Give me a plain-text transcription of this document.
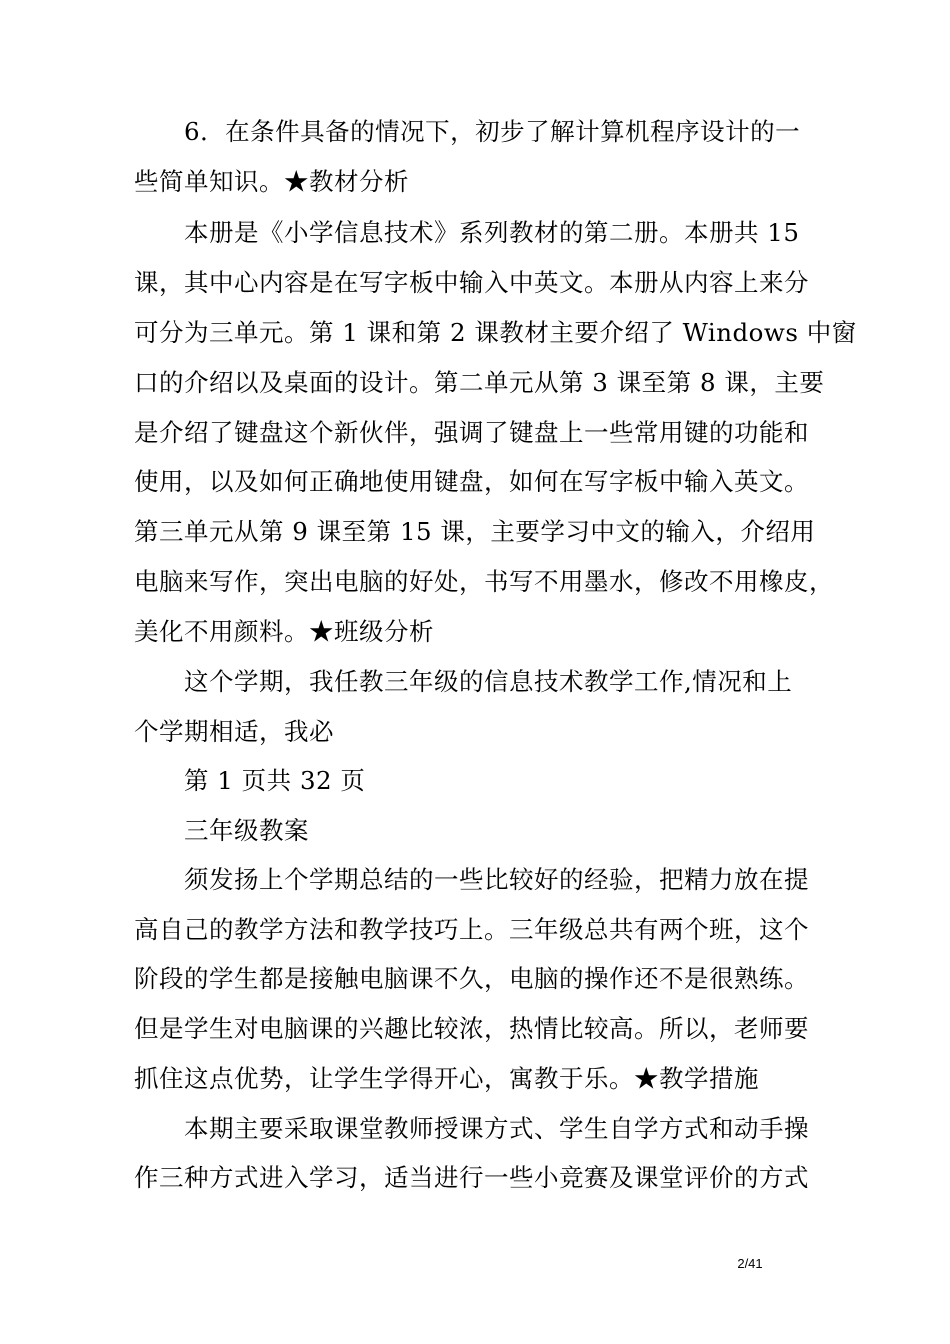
6．在条件具备的情况下，初步了解计算机程序设计的一
些简单知识。★教材分析
本册是《小学信息技术》系列教材的第二册。本册共 15
课，其中心内容是在写字板中输入中英文。本册从内容上来分
可分为三单元。第 1 课和第 2 课教材主要介绍了 Windows 中窗
口的介绍以及桌面的设计。第二单元从第 3 课至第 8 课，主要
是介绍了键盘这个新伙伴，强调了键盘上一些常用键的功能和
使用，以及如何正确地使用键盘，如何在写字板中输入英文。
第三单元从第 9 课至第 15 课，主要学习中文的输入，介绍用
电脑来写作，突出电脑的好处，书写不用墨水，修改不用橡皮，
美化不用颜料。★班级分析
这个学期，我任教三年级的信息技术教学工作,情况和上
个学期相适，我必
第 1 页共 32 页
三年级教案
须发扬上个学期总结的一些比较好的经验，把精力放在提
高自己的教学方法和教学技巧上。三年级总共有两个班，这个
阶段的学生都是接触电脑课不久，电脑的操作还不是很熟练。
但是学生对电脑课的兴趣比较浓，热情比较高。所以，老师要
抓住这点优势，让学生学得开心，寓教于乐。★教学措施
本期主要采取课堂教师授课方式、学生自学方式和动手操
作三种方式进入学习，适当进行一些小竞赛及课堂评价的方式
2/41
